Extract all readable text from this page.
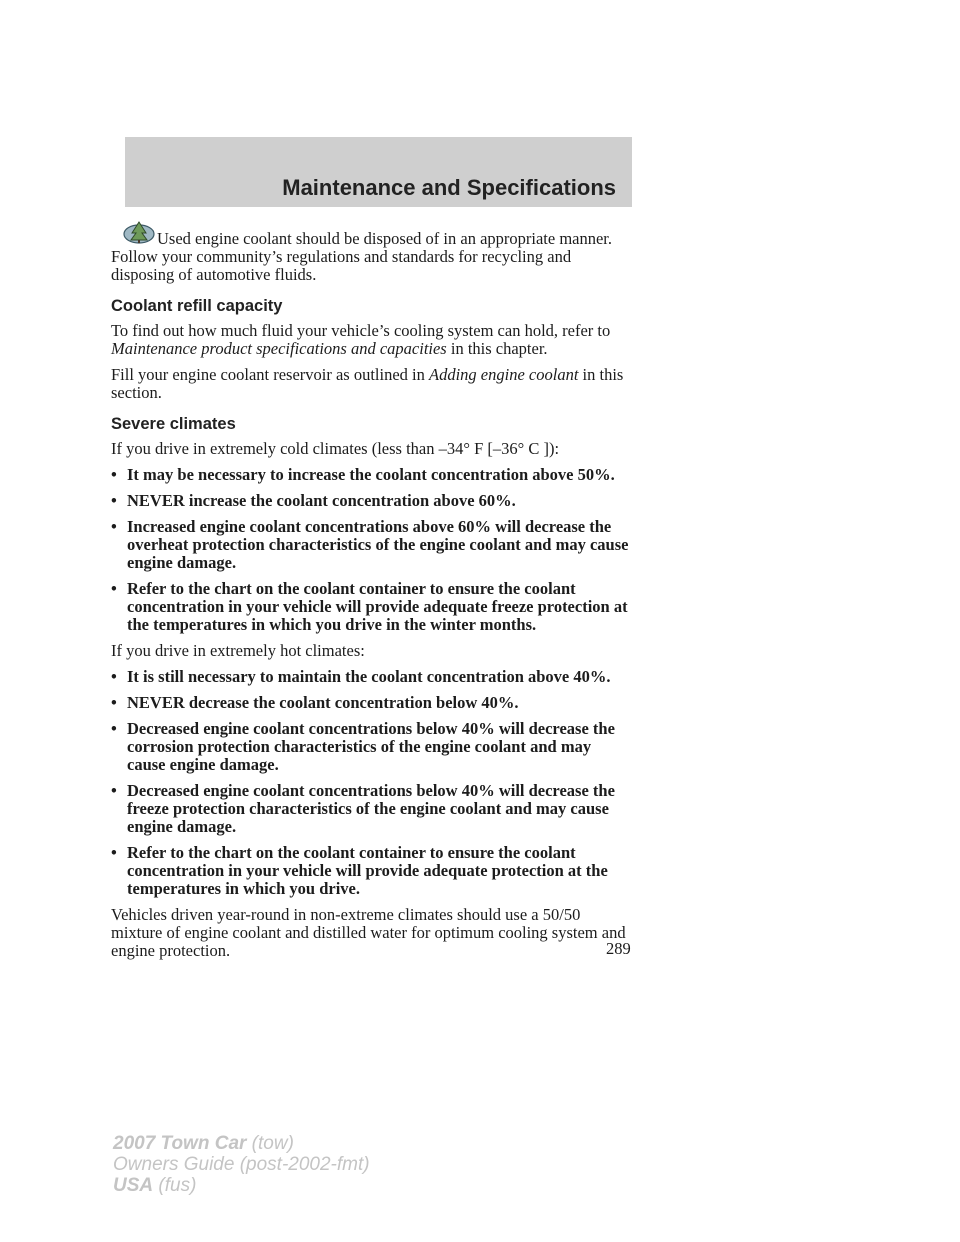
Maintenance and Specifications

Used engine coolant should be disposed of in an appropriate manner. Follow your community’s regulations and standards for recycling and disposing of automotive fluids.

Coolant refill capacity

To find out how much fluid your vehicle’s cooling system can hold, refer to Maintenance product specifications and capacities in this chapter.

Fill your engine coolant reservoir as outlined in Adding engine coolant in this section.

Severe climates

If you drive in extremely cold climates (less than –34° F [–36° C ]):

• It may be necessary to increase the coolant concentration above 50%.
• NEVER increase the coolant concentration above 60%.
• Increased engine coolant concentrations above 60% will decrease the overheat protection characteristics of the engine coolant and may cause engine damage.
• Refer to the chart on the coolant container to ensure the coolant concentration in your vehicle will provide adequate freeze protection at the temperatures in which you drive in the winter months.

If you drive in extremely hot climates:

• It is still necessary to maintain the coolant concentration above 40%.
• NEVER decrease the coolant concentration below 40%.
• Decreased engine coolant concentrations below 40% will decrease the corrosion protection characteristics of the engine coolant and may cause engine damage.
• Decreased engine coolant concentrations below 40% will decrease the freeze protection characteristics of the engine coolant and may cause engine damage.
• Refer to the chart on the coolant container to ensure the coolant concentration in your vehicle will provide adequate protection at the temperatures in which you drive.

Vehicles driven year-round in non-extreme climates should use a 50/50 mixture of engine coolant and distilled water for optimum cooling system and engine protection.	289
2007 Town Car (tow)
Owners Guide (post-2002-fmt)
USA (fus)
